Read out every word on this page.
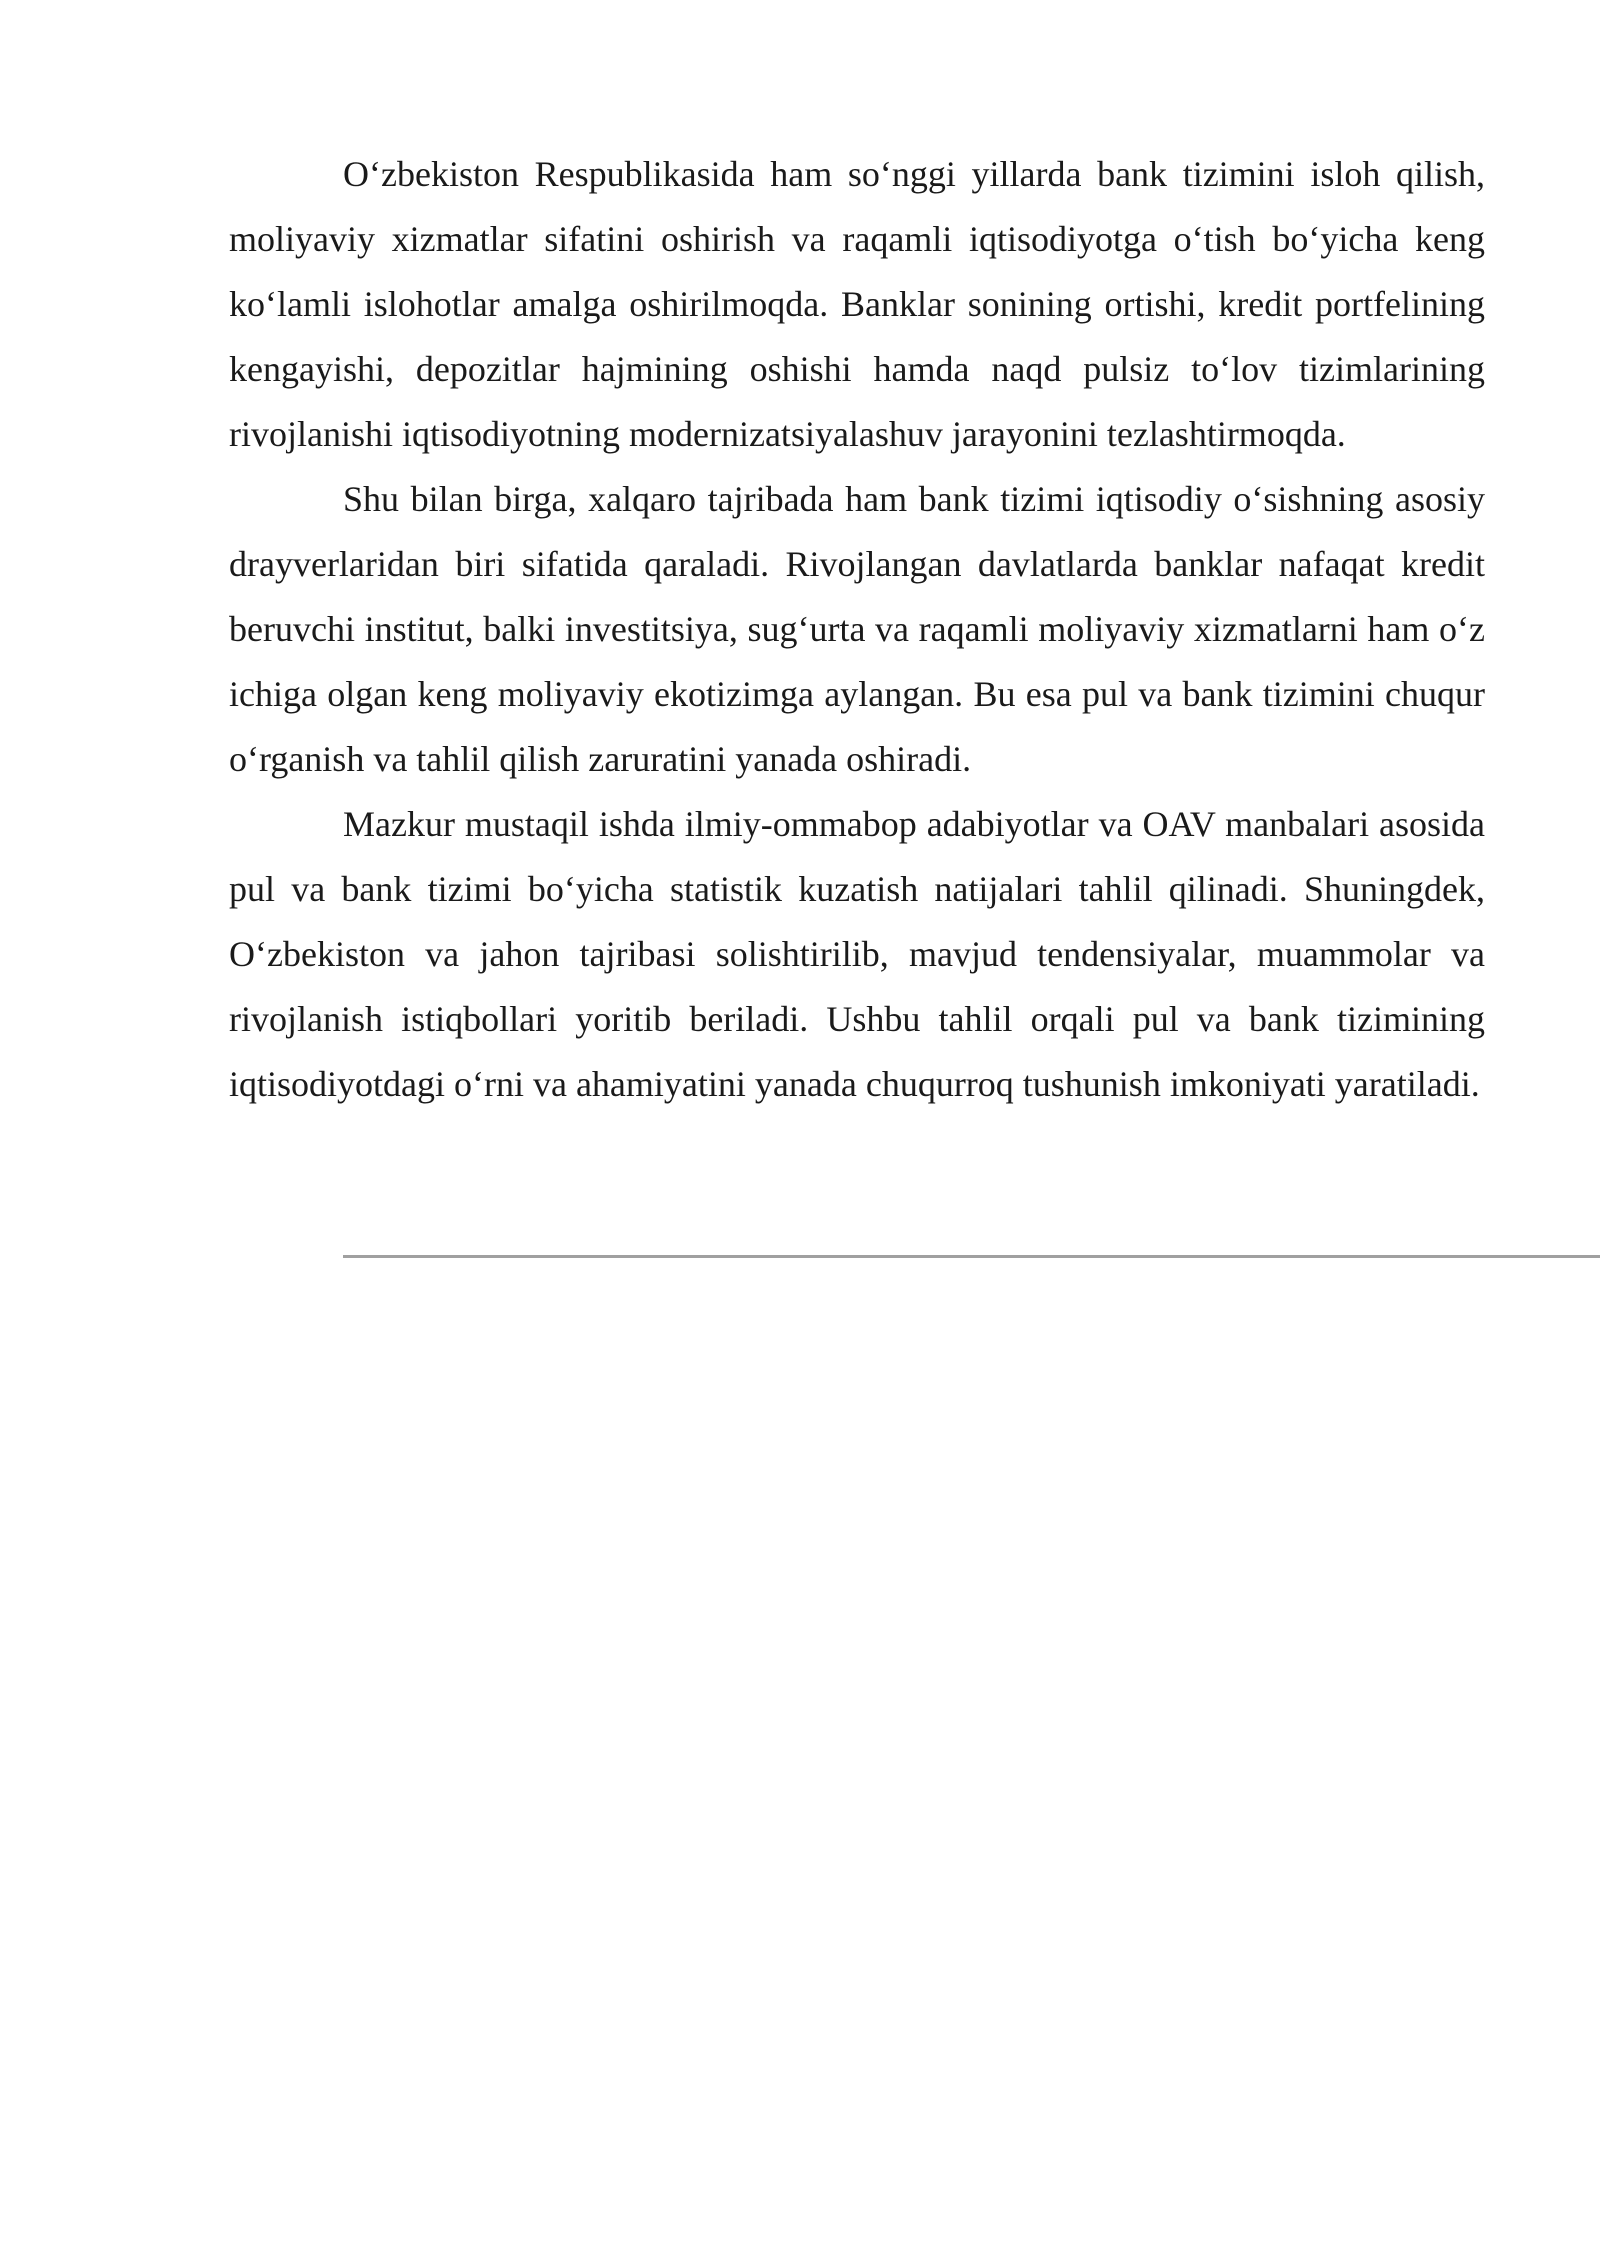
O‘zbekiston Respublikasida ham so‘nggi yillarda bank tizimini isloh qilish, moliyaviy xizmatlar sifatini oshirish va raqamli iqtisodiyotga o‘tish bo‘yicha keng ko‘lamli islohotlar amalga oshirilmoqda. Banklar sonining ortishi, kredit portfelining kengayishi, depozitlar hajmining oshishi hamda naqd pulsiz to‘lov tizimlarining rivojlanishi iqtisodiyotning modernizatsiyalashuv jarayonini tezlashtirmoqda.

Shu bilan birga, xalqaro tajribada ham bank tizimi iqtisodiy o‘sishning asosiy drayverlaridan biri sifatida qaraladi. Rivojlangan davlatlarda banklar nafaqat kredit beruvchi institut, balki investitsiya, sug‘urta va raqamli moliyaviy xizmatlarni ham o‘z ichiga olgan keng moliyaviy ekotizimga aylangan. Bu esa pul va bank tizimini chuqur o‘rganish va tahlil qilish zaruratini yanada oshiradi.

Mazkur mustaqil ishda ilmiy-ommabop adabiyotlar va OAV manbalari asosida pul va bank tizimi bo‘yicha statistik kuzatish natijalari tahlil qilinadi. Shuningdek, O‘zbekiston va jahon tajribasi solishtirilib, mavjud tendensiyalar, muammolar va rivojlanish istiqbollari yoritib beriladi. Ushbu tahlil orqali pul va bank tizimining iqtisodiyotdagi o‘rni va ahamiyatini yanada chuqurroq tushunish imkoniyati yaratiladi.
